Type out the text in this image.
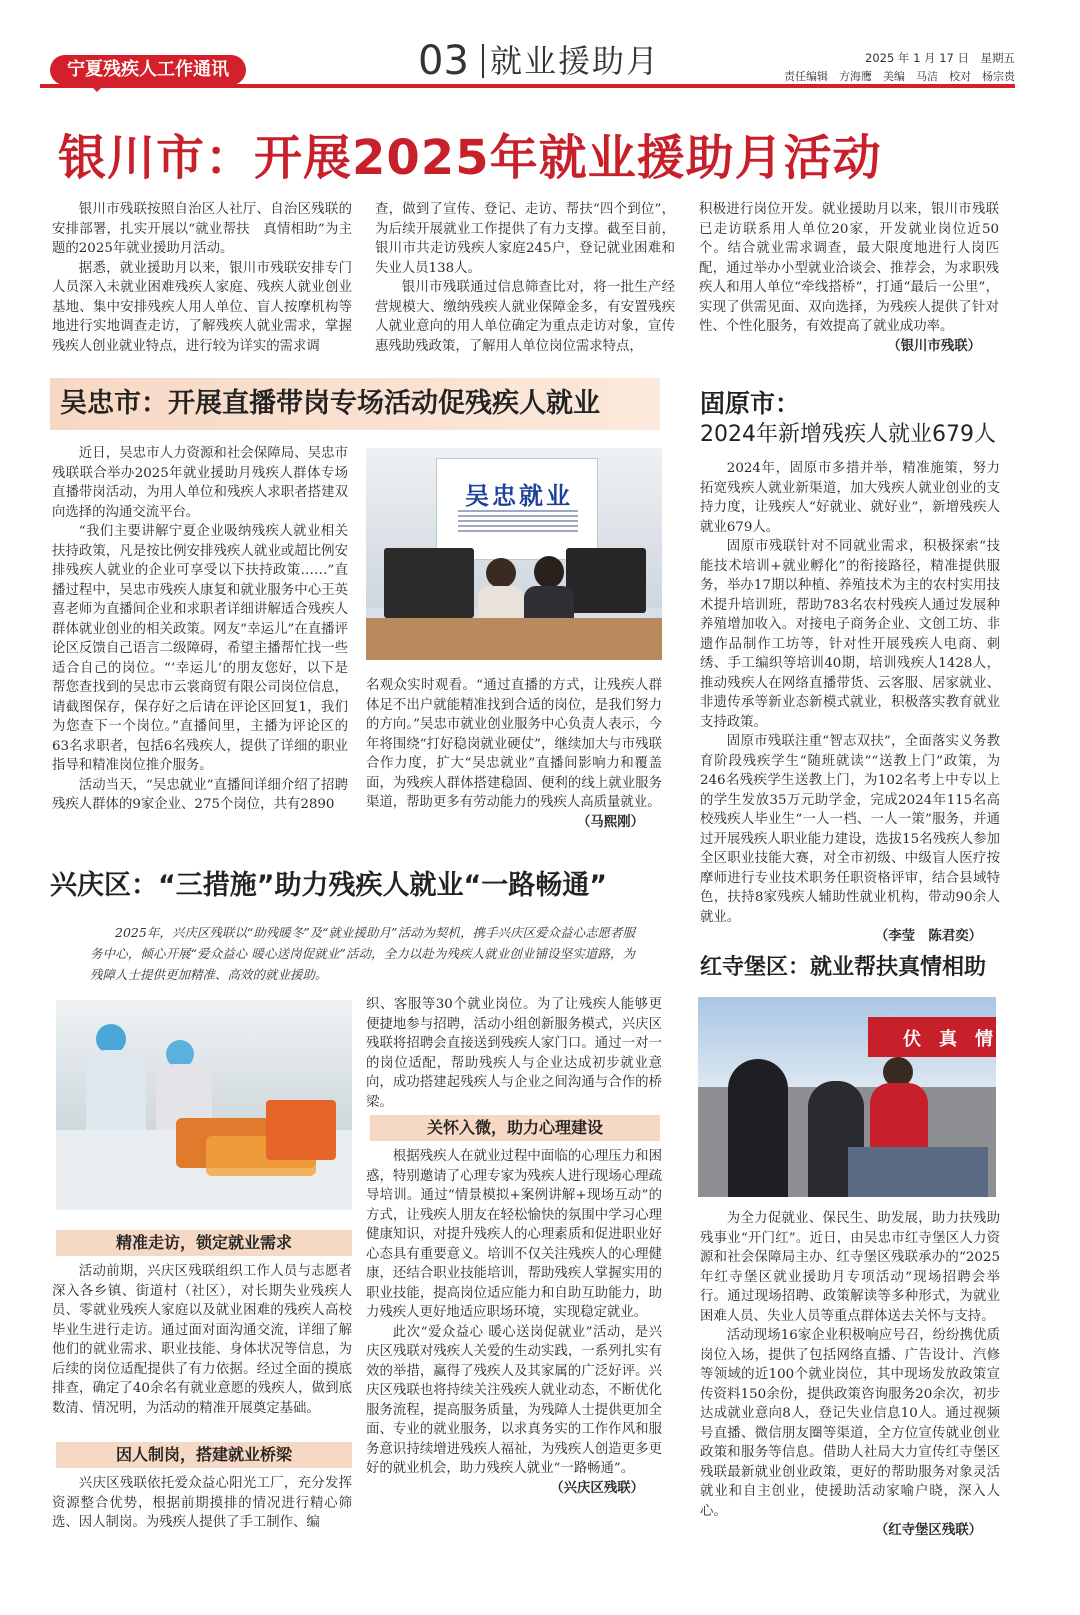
宁夏残疾人工作通讯	03 就业援助月	2025 年 1 月 17 日　星期五
责任编辑　方海鹰　美编　马洁　校对　杨宗贵
银川市：开展2025年就业援助月活动

银川市残联按照自治区人社厅、自治区残联的安排部署，扎实开展以“就业帮扶　真情相助”为主题的2025年就业援助月活动。

据悉，就业援助月以来，银川市残联安排专门人员深入未就业困难残疾人家庭、残疾人就业创业基地、集中安排残疾人用人单位、盲人按摩机构等地进行实地调查走访，了解残疾人就业需求，掌握残疾人创业就业特点，进行较为详实的需求调

查，做到了宣传、登记、走访、帮扶“四个到位”，为后续开展就业工作提供了有力支撑。截至目前，银川市共走访残疾人家庭245户，登记就业困难和失业人员138人。

银川市残联通过信息筛查比对，将一批生产经营规模大、缴纳残疾人就业保障金多，有安置残疾人就业意向的用人单位确定为重点走访对象，宣传惠残助残政策，了解用人单位岗位需求特点，

积极进行岗位开发。就业援助月以来，银川市残联已走访联系用人单位20家，开发就业岗位近50个。结合就业需求调查，最大限度地进行人岗匹配，通过举办小型就业洽谈会、推荐会，为求职残疾人和用人单位“牵线搭桥”，打通“最后一公里”，实现了供需见面、双向选择，为残疾人提供了针对性、个性化服务，有效提高了就业成功率。

（银川市残联）

吴忠市：开展直播带岗专场活动促残疾人就业

近日，吴忠市人力资源和社会保障局、吴忠市残联联合举办2025年就业援助月残疾人群体专场直播带岗活动，为用人单位和残疾人求职者搭建双向选择的沟通交流平台。

“我们主要讲解宁夏企业吸纳残疾人就业相关扶持政策，凡是按比例安排残疾人就业或超比例安排残疾人就业的企业可享受以下扶持政策……”直播过程中，吴忠市残疾人康复和就业服务中心王英喜老师为直播间企业和求职者详细讲解适合残疾人群体就业创业的相关政策。网友“幸运儿”在直播评论区反馈自己语言二级障碍，希望主播帮忙找一些适合自己的岗位。“‘幸运儿’的朋友您好，以下是帮您查找到的吴忠市云裳商贸有限公司岗位信息，请截图保存，保存好之后请在评论区回复1，我们为您查下一个岗位。”直播间里，主播为评论区的63名求职者，包括6名残疾人，提供了详细的职业指导和精准岗位推介服务。

活动当天，“吴忠就业”直播间详细介绍了招聘残疾人群体的9家企业、275个岗位，共有2890

吴忠就业

名观众实时观看。“通过直播的方式，让残疾人群体足不出户就能精准找到合适的岗位，是我们努力的方向。”吴忠市就业创业服务中心负责人表示，今年将围绕“打好稳岗就业硬仗”，继续加大与市残联合作力度，扩大“吴忠就业”直播间影响力和覆盖面，为残疾人群体搭建稳固、便利的线上就业服务渠道，帮助更多有劳动能力的残疾人高质量就业。

（马熙刚）

固原市：
2024年新增残疾人就业679人

2024年，固原市多措并举，精准施策，努力拓宽残疾人就业新渠道，加大残疾人就业创业的支持力度，让残疾人“好就业、就好业”，新增残疾人就业679人。

固原市残联针对不同就业需求，积极探索“技能技术培训+就业孵化”的衔接路径，精准提供服务，举办17期以种植、养殖技术为主的农村实用技术提升培训班，帮助783名农村残疾人通过发展种养殖增加收入。对接电子商务企业、文创工坊、非遗作品制作工坊等，针对性开展残疾人电商、刺绣、手工编织等培训40期，培训残疾人1428人，推动残疾人在网络直播带货、云客服、居家就业、非遗传承等新业态新模式就业，积极落实教育就业支持政策。

固原市残联注重“智志双扶”，全面落实义务教育阶段残疾学生“随班就读”“送教上门”政策，为246名残疾学生送教上门，为102名考上中专以上的学生发放35万元助学金，完成2024年115名高校残疾人毕业生“一人一档、一人一策”服务，并通过开展残疾人职业能力建设，选拔15名残疾人参加全区职业技能大赛，对全市初级、中级盲人医疗按摩师进行专业技术职务任职资格评审，结合县域特色，扶持8家残疾人辅助性就业机构，带动90余人就业。

（李莹　陈君奕）

兴庆区：“三措施”助力残疾人就业“一路畅通”
2025年，兴庆区残联以“助残暖冬”及“就业援助月”活动为契机，携手兴庆区爱众益心志愿者服务中心，倾心开展“爱众益心 暖心送岗促就业”活动，全力以赴为残疾人就业创业铺设坚实道路，为残障人士提供更加精准、高效的就业援助。
精准走访，锁定就业需求

活动前期，兴庆区残联组织工作人员与志愿者深入各乡镇、街道村（社区），对长期失业残疾人员、零就业残疾人家庭以及就业困难的残疾人高校毕业生进行走访。通过面对面沟通交流，详细了解他们的就业需求、职业技能、身体状况等信息，为后续的岗位适配提供了有力依据。经过全面的摸底排查，确定了40余名有就业意愿的残疾人，做到底数清、情况明，为活动的精准开展奠定基础。

因人制岗，搭建就业桥梁

兴庆区残联依托爱众益心阳光工厂，充分发挥资源整合优势，根据前期摸排的情况进行精心筛选、因人制岗。为残疾人提供了手工制作、编

织、客服等30个就业岗位。为了让残疾人能够更便捷地参与招聘，活动小组创新服务模式，兴庆区残联将招聘会直接送到残疾人家门口。通过一对一的岗位适配，帮助残疾人与企业达成初步就业意向，成功搭建起残疾人与企业之间沟通与合作的桥梁。

关怀入微，助力心理建设

根据残疾人在就业过程中面临的心理压力和困惑，特别邀请了心理专家为残疾人进行现场心理疏导培训。通过“情景模拟+案例讲解+现场互动”的方式，让残疾人朋友在轻松愉快的氛围中学习心理健康知识，对提升残疾人的心理素质和促进职业好心态具有重要意义。培训不仅关注残疾人的心理健康，还结合职业技能培训，帮助残疾人掌握实用的职业技能，提高岗位适应能力和自助互助能力，助力残疾人更好地适应职场环境，实现稳定就业。

此次“爱众益心 暖心送岗促就业”活动，是兴庆区残联对残疾人关爱的生动实践，一系列扎实有效的举措，赢得了残疾人及其家属的广泛好评。兴庆区残联也将持续关注残疾人就业动态，不断优化服务流程，提高服务质量，为残障人士提供更加全面、专业的就业服务，以求真务实的工作作风和服务意识持续增进残疾人福祉，为残疾人创造更多更好的就业机会，助力残疾人就业“一路畅通”。

（兴庆区残联）

红寺堡区：就业帮扶真情相助
伏　真　情

为全力促就业、保民生、助发展，助力扶残助残事业“开门红”。近日，由吴忠市红寺堡区人力资源和社会保障局主办、红寺堡区残联承办的“2025年红寺堡区就业援助月专项活动”现场招聘会举行。通过现场招聘、政策解读等多种形式，为就业困难人员、失业人员等重点群体送去关怀与支持。

活动现场16家企业积极响应号召，纷纷携优质岗位入场，提供了包括网络直播、广告设计、汽修等领域的近100个就业岗位，其中现场发放政策宣传资料150余份，提供政策咨询服务20余次，初步达成就业意向8人，登记失业信息10人。通过视频号直播、微信朋友圈等渠道，全方位宣传就业创业政策和服务等信息。借助人社局大力宣传红寺堡区残联最新就业创业政策，更好的帮助服务对象灵活就业和自主创业，使援助活动家喻户晓，深入人心。

（红寺堡区残联）
